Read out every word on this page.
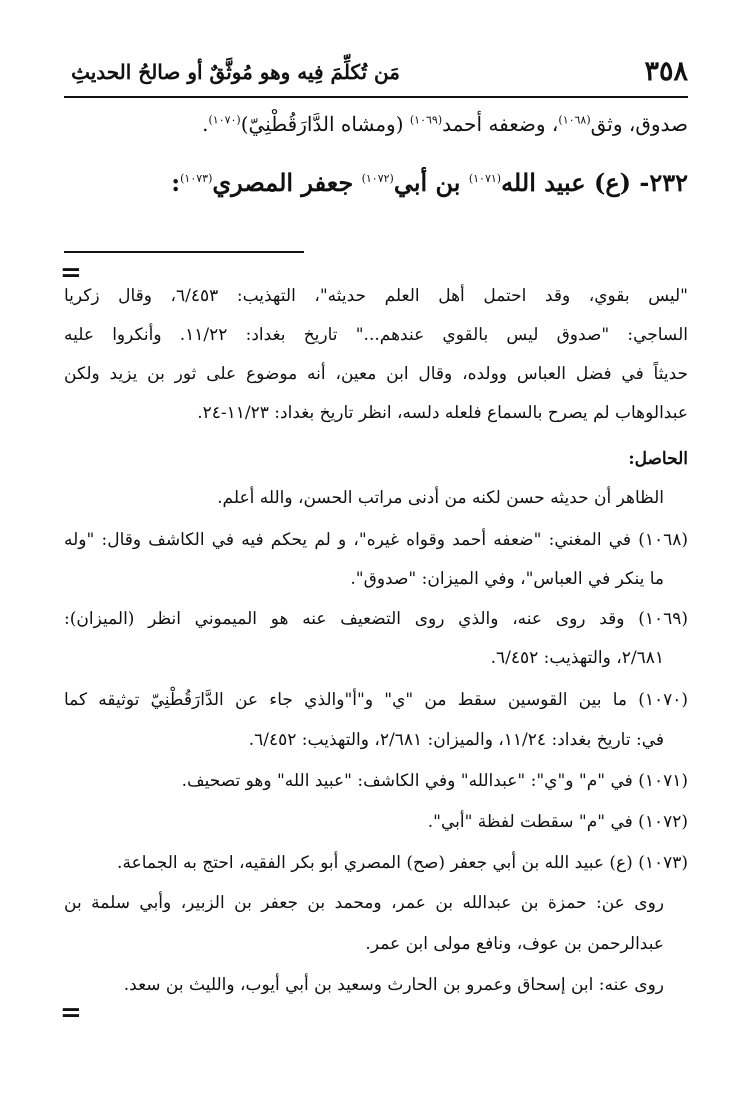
٣٥٨
مَن تُكلِّمَ فِيه وهو مُوثَّقٌ أو صالحُ الحديثِ
صدوق، وثق$^{(١٠٦٨)}$، وضعفه أحمد$^{(١٠٦٩)}$ (ومشاه الدَّارَقُطْنِيّ)$^{(١٠٧٠)}$.
٢٣٢- (ع) عبيد الله$^{(١٠٧١)}$ بن أبي$^{(١٠٧٢)}$ جعفر المصري$^{(١٠٧٣)}$:
=
"ليس بقوي، وقد احتمل أهل العلم حديثه"، التهذيب: ٦/٤٥٣، وقال زكريا
الساجي: "صدوق ليس بالقوي عندهم..." تاريخ بغداد: ١١/٢٢. وأنكروا عليه
حديثاً في فضل العباس وولده، وقال ابن معين، أنه موضوع على ثور بن يزيد ولكن
عبدالوهاب لم يصرح بالسماع فلعله دلسه، انظر تاريخ بغداد: ١١/٢٣-٢٤.
الحاصل:
الظاهر أن حديثه حسن لكنه من أدنى مراتب الحسن، والله أعلم.
(١٠٦٨) في المغني: "ضعفه أحمد وقواه غيره"، و لم يحكم فيه في الكاشف وقال: "وله
ما ينكر في العباس"، وفي الميزان: "صدوق".
(١٠٦٩) وقد روى عنه، والذي روى التضعيف عنه هو الميموني انظر (الميزان):
٢/٦٨١، والتهذيب: ٦/٤٥٢.
(١٠٧٠) ما بين القوسين سقط من "ي" و"أ"والذي جاء عن الدَّارَقُطْنِيّ توثيقه كما
في: تاريخ بغداد: ١١/٢٤، والميزان: ٢/٦٨١، والتهذيب: ٦/٤٥٢.
(١٠٧١) في "م" و"ي": "عبدالله" وفي الكاشف: "عبيد الله" وهو تصحيف.
(١٠٧٢) في "م" سقطت لفظة "أبي".
(١٠٧٣) (ع) عبيد الله بن أبي جعفر (صح) المصري أبو بكر الفقيه، احتج به الجماعة.
روى عن: حمزة بن عبدالله بن عمر، ومحمد بن جعفر بن الزبير، وأبي سلمة بن
عبدالرحمن بن عوف، ونافع مولى ابن عمر.
روى عنه: ابن إسحاق وعمرو بن الحارث وسعيد بن أبي أيوب، والليث بن سعد.
=
